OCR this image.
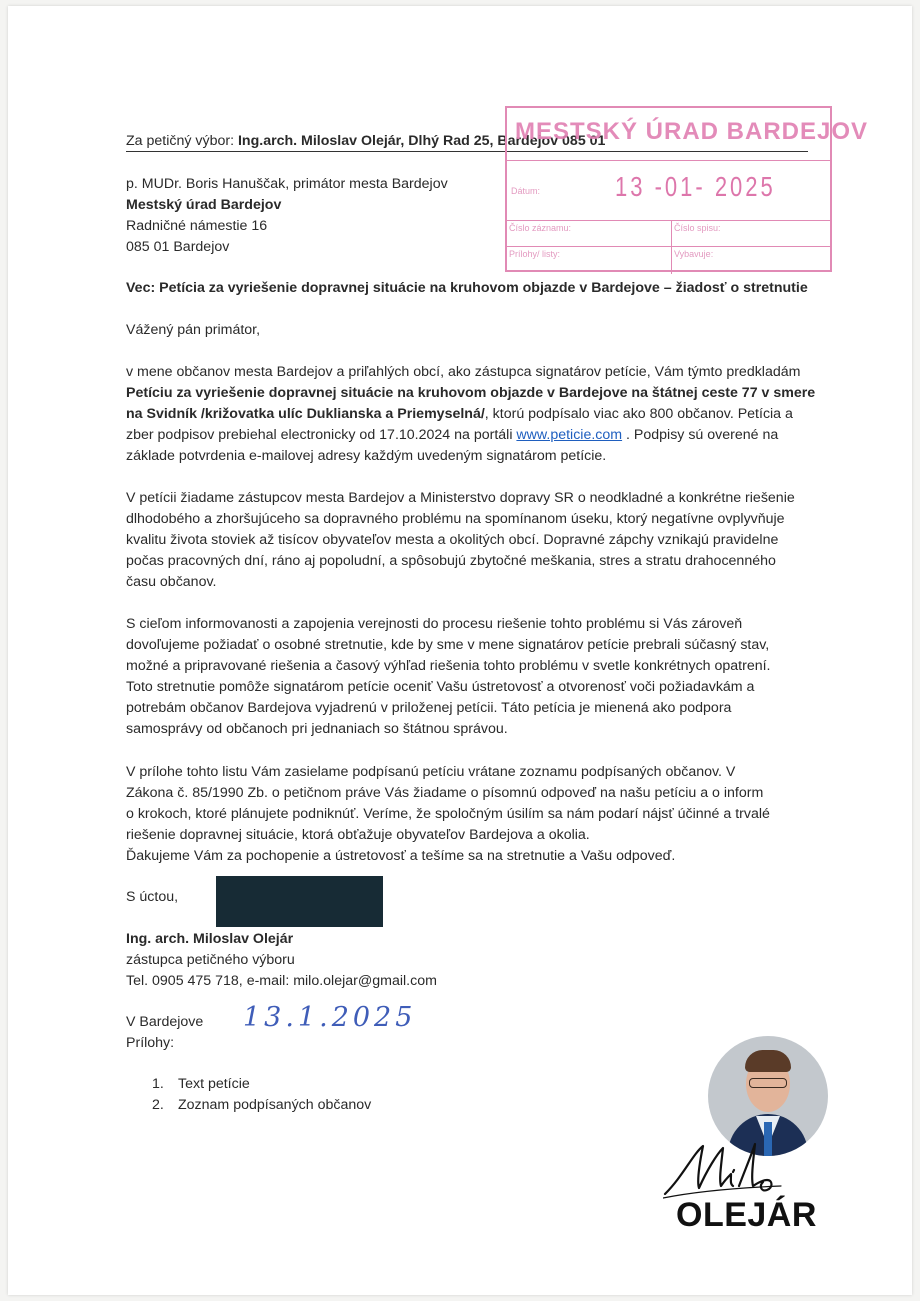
Za petičný výbor: Ing.arch. Miloslav Olejár, Dlhý Rad 25, Bardejov 085 01
MESTSKÝ ÚRAD BARDEJOV
Dátum:	13 -01- 2025
Číslo záznamu:	Číslo spisu:
Prílohy/ listy:	Vybavuje:
p. MUDr. Boris Hanuščak, primátor mesta Bardejov
Mestský úrad Bardejov
Radničné námestie 16
085 01 Bardejov
Vec: Petícia za vyriešenie dopravnej situácie na kruhovom objazde v Bardejove – žiadosť o stretnutie
Vážený pán primátor,
v mene občanov mesta Bardejov a priľahlých obcí, ako zástupca signatárov petície, Vám týmto predkladám
Petíciu za vyriešenie dopravnej situácie na kruhovom objazde v Bardejove na štátnej ceste 77 v smere
na Svidník /križovatka ulíc Duklianska a Priemyselná/, ktorú podpísalo viac ako 800 občanov. Petícia a
zber podpisov prebiehal electronicky od 17.10.2024 na portáli www.peticie.com . Podpisy sú overené na
základe potvrdenia e-mailovej adresy každým uvedeným signatárom petície.
V petícii žiadame zástupcov mesta Bardejov a Ministerstvo dopravy SR o neodkladné a konkrétne riešenie
dlhodobého a zhoršujúceho sa dopravného problému na spomínanom úseku, ktorý negatívne ovplyvňuje
kvalitu života stoviek až tisícov obyvateľov mesta a okolitých obcí. Dopravné zápchy vznikajú pravidelne
počas pracovných dní, ráno aj popoludní, a spôsobujú zbytočné meškania, stres a stratu drahocenného
času občanov.
S cieľom informovanosti a zapojenia verejnosti do procesu riešenie tohto problému si Vás zároveň
dovoľujeme požiadať o osobné stretnutie, kde by sme v mene signatárov petície prebrali súčasný stav,
možné a pripravované riešenia a časový výhľad riešenia tohto problému v svetle konkrétnych opatrení.
Toto stretnutie pomôže signatárom petície oceniť Vašu ústretovosť a otvorenosť voči požiadavkám a
potrebám občanov Bardejova vyjadrenú v priloženej petícii. Táto petícia je mienená ako podpora
samosprávy od občanoch pri jednaniach so štátnou správou.
V prílohe tohto listu Vám zasielame podpísanú petíciu vrátane zoznamu podpísaných občanov. V
Zákona č. 85/1990 Zb. o petičnom práve Vás žiadame o písomnú odpoveď na našu petíciu a o inform
o krokoch, ktoré plánujete podniknúť. Veríme, že spoločným úsilím sa nám podarí nájsť účinné a trvalé
riešenie dopravnej situácie, ktorá obťažuje obyvateľov Bardejova a okolia.
Ďakujeme Vám za pochopenie a ústretovosť a tešíme sa na stretnutie a Vašu odpoveď.
S úctou,
Ing. arch. Miloslav Olejár
zástupca petičného výboru
Tel. 0905 475 718, e-mail: milo.olejar@gmail.com
V Bardejove 13.1.2025
Prílohy:
1. Text petície
2. Zoznam podpísaných občanov
OLEJÁR
